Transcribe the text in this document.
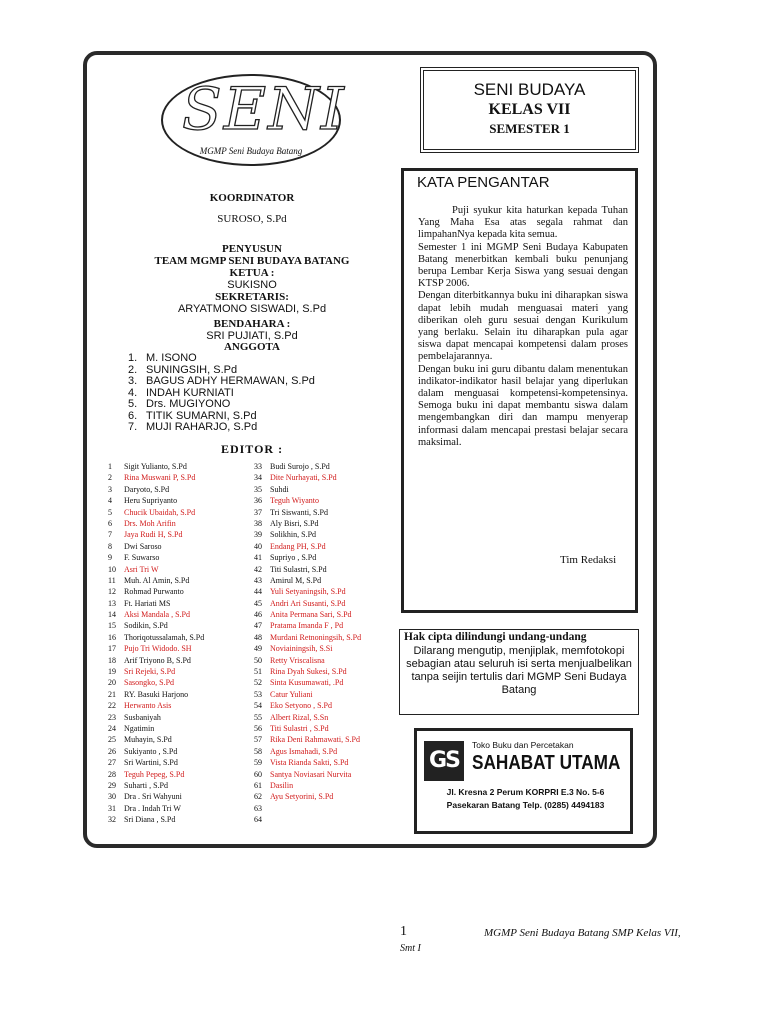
SENI
MGMP Seni Budaya Batang
KOORDINATOR
SUROSO, S.Pd
PENYUSUN
TEAM MGMP SENI BUDAYA BATANG
KETUA :
SUKISNO
SEKRETARIS:
ARYATMONO SISWADI, S.Pd
BENDAHARA :
SRI PUJIATI, S.Pd
ANGGOTA
1. M. ISONO
2. SUNINGSIH, S.Pd
3. BAGUS ADHY HERMAWAN, S.Pd
4. INDAH KURNIATI
5. Drs. MUGIYONO
6. TITIK SUMARNI, S.Pd
7. MUJI RAHARJO, S.Pd
EDITOR :
1 Sigit Yulianto, S.Pd
2 Rina Muswani P, S.Pd
3 Daryoto, S.Pd
4 Heru Supriyanto
5 Chucik Ubaidah, S.Pd
6 Drs. Moh Arifin
7 Jaya Rudi H, S.Pd
8 Dwi Saroso
9 F. Suwarso
10 Asri Tri W
11 Muh. Al Amin, S.Pd
12 Rohmad Purwanto
13 Ft. Hariati MS
14 Aksi Mandala , S.Pd
15 Sodikin, S.Pd
16 Thoriqotussalamah, S.Pd
17 Pujo Tri Widodo. SH
18 Arif Triyono B, S.Pd
19 Sri Rejeki, S.Pd
20 Sasongko, S.Pd
21 RY. Basuki Harjono
22 Herwanto Asis
23 Susbaniyah
24 Ngatimin
25 Muhayin, S.Pd
26 Sukiyanto , S.Pd
27 Sri Wartini, S.Pd
28 Teguh Pepeg, S.Pd
29 Suharti , S.Pd
30 Dra . Sri Wahyuni
31 Dra . Indah Tri W
32 Sri Diana , S.Pd
33 Budi Surojo , S.Pd
34 Dite Nurhayati, S.Pd
35 Suhdi
36 Teguh Wiyanto
37 Tri Siswanti, S.Pd
38 Aly Bisri, S.Pd
39 Solikhin, S.Pd
40 Endang PH, S.Pd
41 Supriyo , S.Pd
42 Titi Sulastri, S.Pd
43 Amirul M, S.Pd
44 Yuli Setyaningsih, S.Pd
45 Andri Ari Susanti, S.Pd
46 Anita Permana Sari, S.Pd
47 Pratama Imanda F , Pd
48 Murdani Retnoningsih, S.Pd
49 Noviainingsih, S.Si
50 Retty Vriscalisna
51 Rina Dyah Sukesi, S.Pd
52 Sinta Kusumawati, .Pd
53 Catur Yuliani
54 Eko Setyono , S.Pd
55 Albert Rizal, S.Sn
56 Titi Sulastri , S.Pd
57 Rika Deni Rahmawati, S.Pd
58 Agus Ismahadi, S.Pd
59 Vista Rianda Sakti, S.Pd
60 Santya Noviasari Nurvita
61 Dasilin
62 Ayu Setyorini, S.Pd
63
64
SENI BUDAYA
KELAS VII
SEMESTER 1
KATA PENGANTAR

Puji syukur kita haturkan kepada Tuhan Yang Maha Esa atas segala rahmat dan limpahanNya kepada kita semua.

Semester 1 ini MGMP Seni Budaya Kabupaten Batang menerbitkan kembali buku penunjang berupa Lembar Kerja Siswa yang sesuai dengan KTSP 2006.

Dengan diterbitkannya buku ini diharapkan siswa dapat lebih mudah menguasai materi yang diberikan oleh guru sesuai dengan Kurikulum yang berlaku. Selain itu diharapkan pula agar siswa dapat mencapai kompetensi dalam proses pembelajarannya.

Dengan buku ini guru dibantu dalam menentukan indikator-indikator hasil belajar yang diperlukan dalam menguasai kompetensi-kompetensinya. Semoga buku ini dapat membantu siswa dalam mengembangkan diri dan mampu menyerap informasi dalam mencapai prestasi belajar secara maksimal.

Tim Redaksi
Hak cipta dilindungi undang-undang
Dilarang mengutip, menjiplak, memfotokopi sebagian atau seluruh isi serta menjualbelikan tanpa seijin tertulis dari MGMP Seni Budaya Batang
GS
Toko Buku dan Percetakan
SAHABAT UTAMA
Jl. Kresna 2 Perum KORPRI E.3 No. 5-6
Pasekaran Batang Telp. (0285) 4494183
1	MGMP Seni Budaya Batang SMP Kelas VII,
Smt I
